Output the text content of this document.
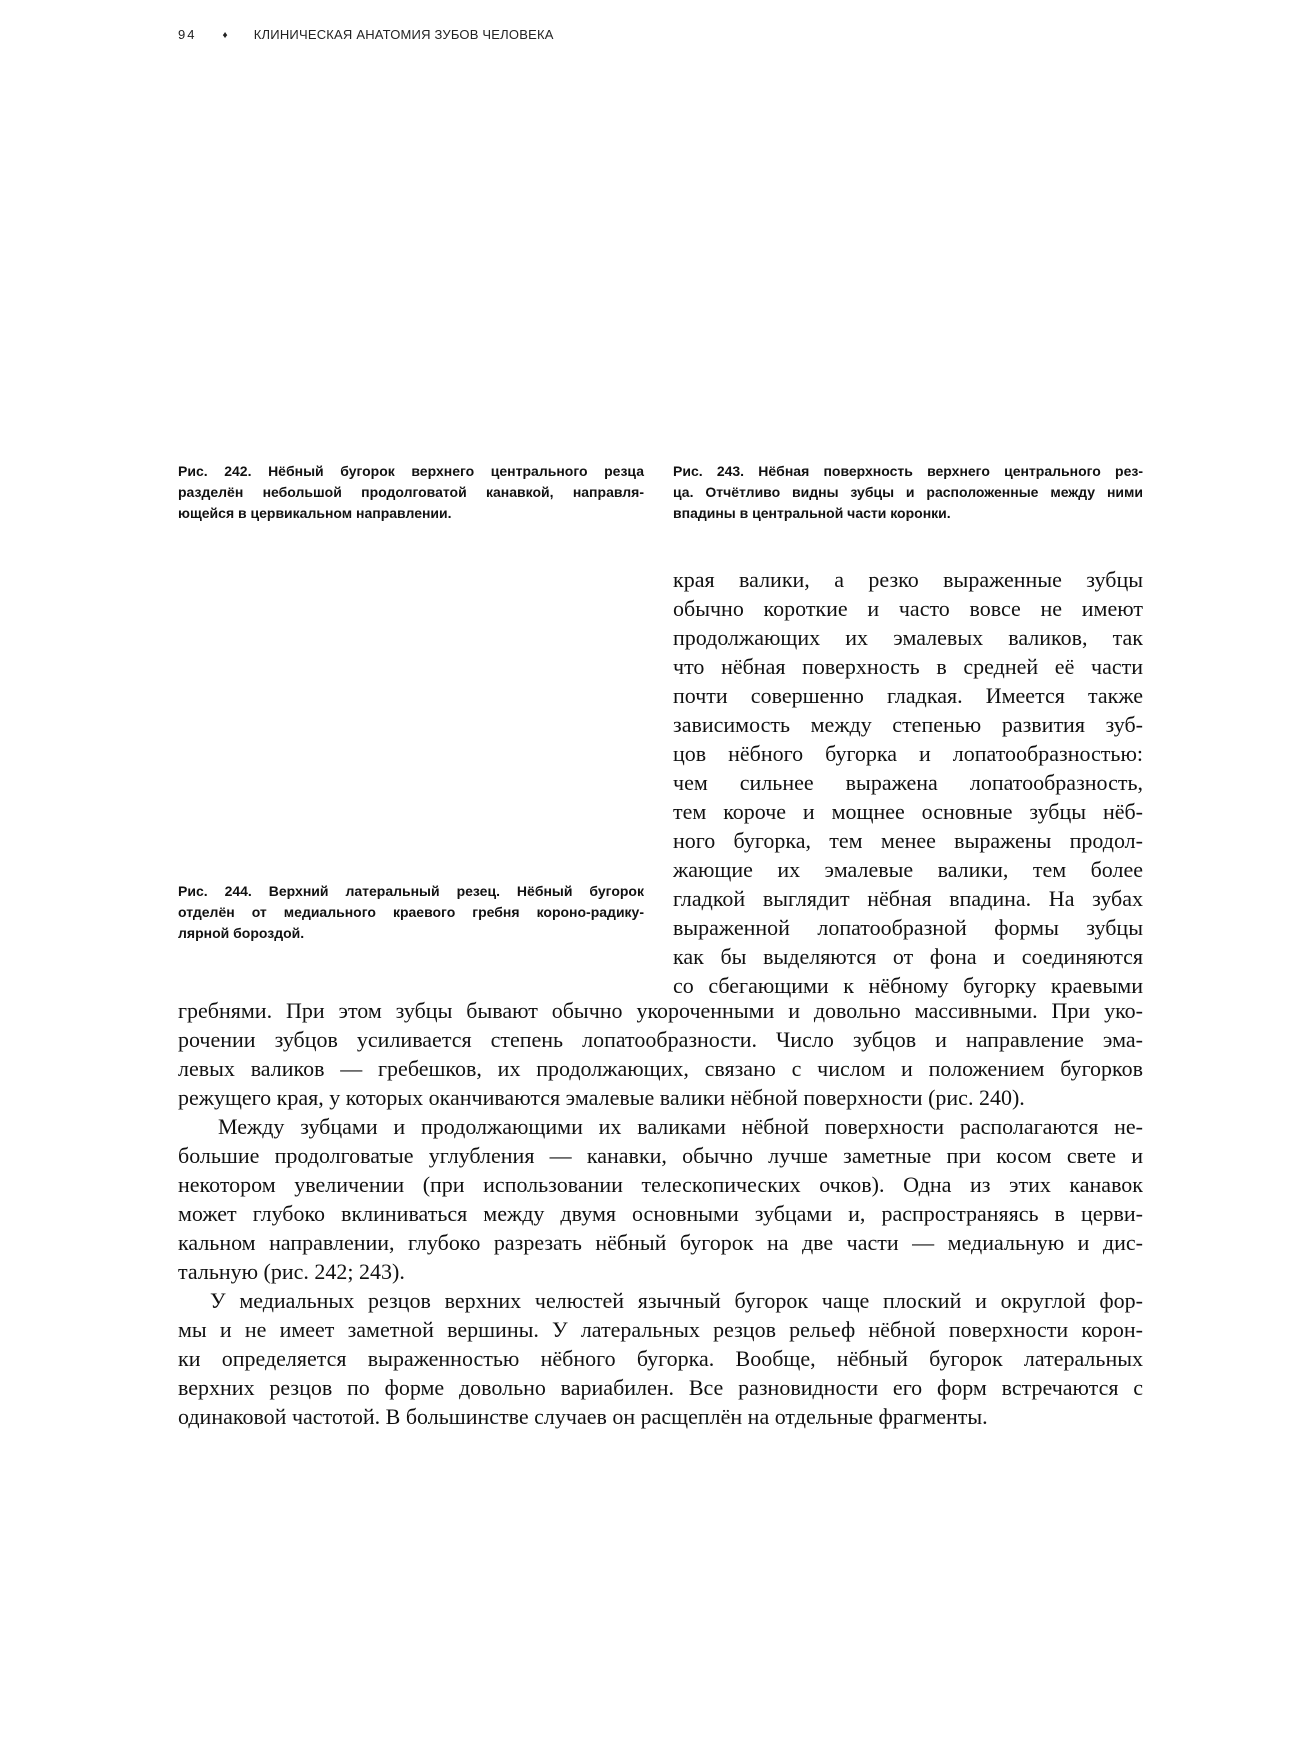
94	♦ КЛИНИЧЕСКАЯ АНАТОМИЯ ЗУБОВ ЧЕЛОВЕКА
Рис. 242. Нёбный бугорок верхнего центрального резца
разделён небольшой продолговатой канавкой, направля-
ющейся в цервикальном направлении.
Рис. 243. Нёбная поверхность верхнего центрального рез-
ца. Отчётливо видны зубцы и расположенные между ними
впадины в центральной части коронки.
Рис. 244. Верхний латеральный резец. Нёбный бугорок
отделён от медиального краевого гребня короно-радику-
лярной бороздой.
края валики, а резко выраженные зубцы
обычно короткие и часто вовсе не имеют
продолжающих их эмалевых валиков, так
что нёбная поверхность в средней её части
почти совершенно гладкая. Имеется также
зависимость между степенью развития зуб-
цов нёбного бугорка и лопатообразностью:
чем сильнее выражена лопатообразность,
тем короче и мощнее основные зубцы нёб-
ного бугорка, тем менее выражены продол-
жающие их эмалевые валики, тем более
гладкой выглядит нёбная впадина. На зубах
выраженной лопатообразной формы зубцы
как бы выделяются от фона и соединяются
со сбегающими к нёбному бугорку краевыми
гребнями. При этом зубцы бывают обычно укороченными и довольно массивными. При уко-
рочении зубцов усиливается степень лопатообразности. Число зубцов и направление эма-
левых валиков — гребешков, их продолжающих, связано с числом и положением бугорков
режущего края, у которых оканчиваются эмалевые валики нёбной поверхности (рис. 240).
Между зубцами и продолжающими их валиками нёбной поверхности располагаются не-
большие продолговатые углубления — канавки, обычно лучше заметные при косом свете и
некотором увеличении (при использовании телескопических очков). Одна из этих канавок
может глубоко вклиниваться между двумя основными зубцами и, распространяясь в церви-
кальном направлении, глубоко разрезать нёбный бугорок на две части — медиальную и дис-
тальную (рис. 242; 243).
У медиальных резцов верхних челюстей язычный бугорок чаще плоский и округлой фор-
мы и не имеет заметной вершины. У латеральных резцов рельеф нёбной поверхности корон-
ки определяется выраженностью нёбного бугорка. Вообще, нёбный бугорок латеральных
верхних резцов по форме довольно вариабилен. Все разновидности его форм встречаются с
одинаковой частотой. В большинстве случаев он расщеплён на отдельные фрагменты.
